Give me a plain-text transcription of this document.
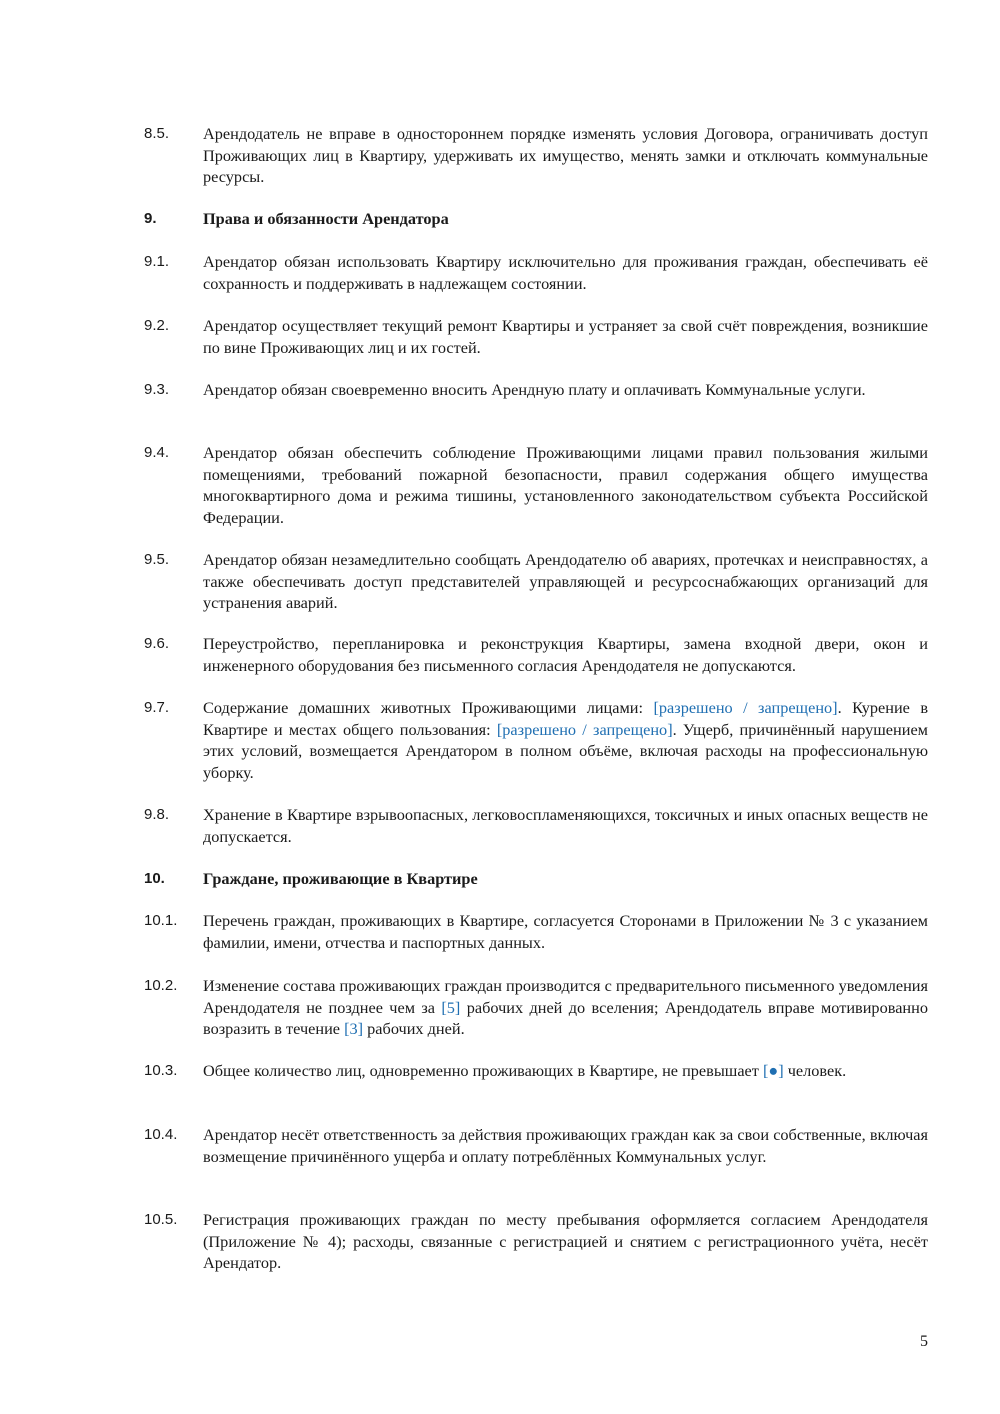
8.5. Арендодатель не вправе в одностороннем порядке изменять условия Договора, ограничивать доступ Проживающих лиц в Квартиру, удерживать их имущество, менять замки и отключать коммунальные ресурсы.
9.	Права и обязанности Арендатора
9.1. Арендатор обязан использовать Квартиру исключительно для проживания граждан, обеспечивать её сохранность и поддерживать в надлежащем состоянии.
9.2. Арендатор осуществляет текущий ремонт Квартиры и устраняет за свой счёт повреждения, возникшие по вине Проживающих лиц и их гостей.
9.3. Арендатор обязан своевременно вносить Арендную плату и оплачивать Коммунальные услуги.
9.4. Арендатор обязан обеспечить соблюдение Проживающими лицами правил пользования жилыми помещениями, требований пожарной безопасности, правил содержания общего имущества многоквартирного дома и режима тишины, установленного законодательством субъекта Российской Федерации.
9.5. Арендатор обязан незамедлительно сообщать Арендодателю об авариях, протечках и неисправностях, а также обеспечивать доступ представителей управляющей и ресурсоснабжающих организаций для устранения аварий.
9.6. Переустройство, перепланировка и реконструкция Квартиры, замена входной двери, окон и инженерного оборудования без письменного согласия Арендодателя не допускаются.
9.7. Содержание домашних животных Проживающими лицами: [разрешено / запрещено]. Курение в Квартире и местах общего пользования: [разрешено / запрещено]. Ущерб, причинённый нарушением этих условий, возмещается Арендатором в полном объёме, включая расходы на профессиональную уборку.
9.8. Хранение в Квартире взрывоопасных, легковоспламеняющихся, токсичных и иных опасных веществ не допускается.
10. Граждане, проживающие в Квартире
10.1. Перечень граждан, проживающих в Квартире, согласуется Сторонами в Приложении № 3 с указанием фамилии, имени, отчества и паспортных данных.
10.2. Изменение состава проживающих граждан производится с предварительного письменного уведомления Арендодателя не позднее чем за [5] рабочих дней до вселения; Арендодатель вправе мотивированно возразить в течение [3] рабочих дней.
10.3. Общее количество лиц, одновременно проживающих в Квартире, не превышает [●] человек.
10.4. Арендатор несёт ответственность за действия проживающих граждан как за свои собственные, включая возмещение причинённого ущерба и оплату потреблённых Коммунальных услуг.
10.5. Регистрация проживающих граждан по месту пребывания оформляется согласием Арендодателя (Приложение № 4); расходы, связанные с регистрацией и снятием с регистрационного учёта, несёт Арендатор.
5
